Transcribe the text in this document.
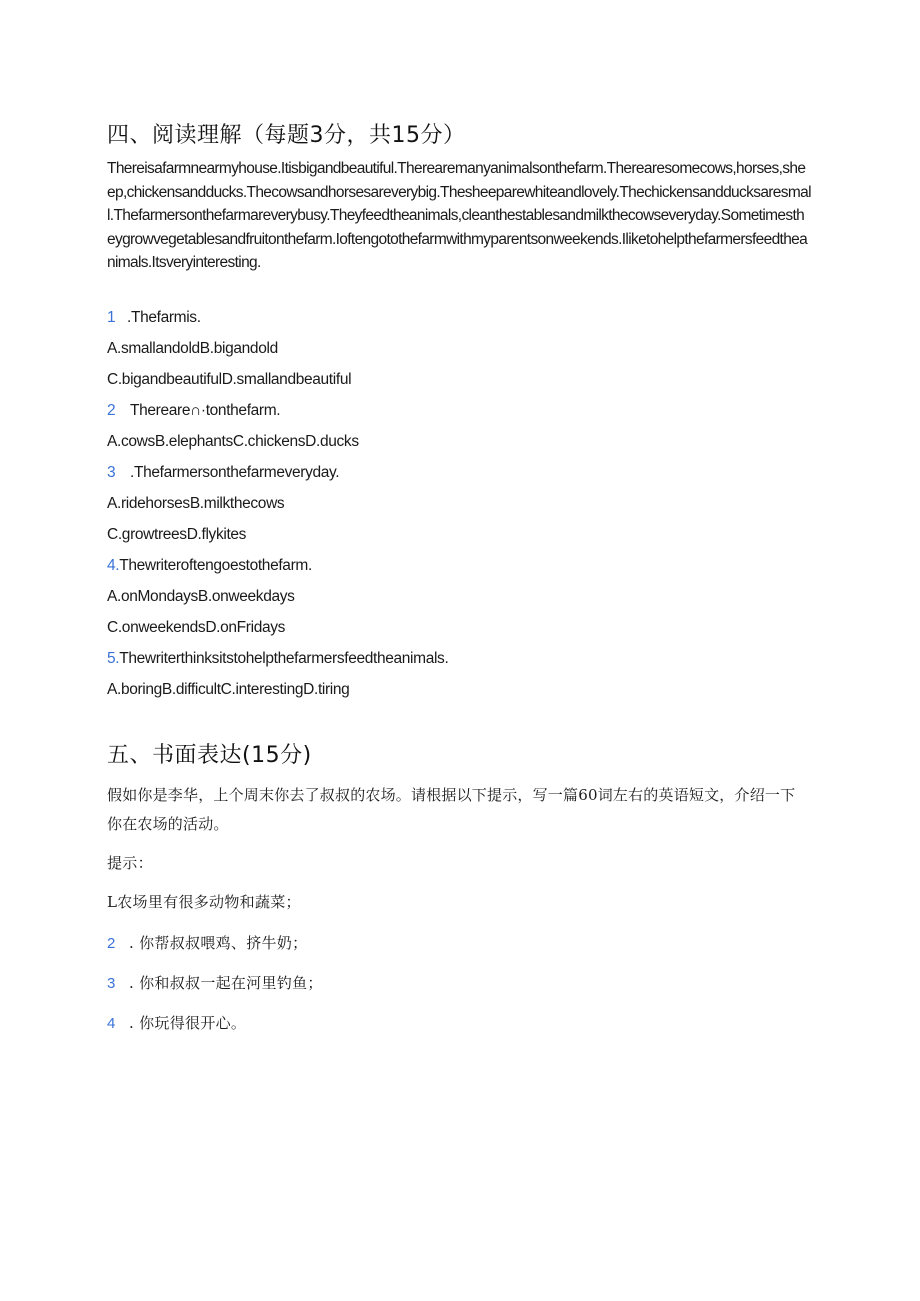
四、阅读理解（每题3分，共15分）
Thereisafarmnearmyhouse.Itisbigandbeautiful.Therearemanyanimalsonthefarm.Therearesomecows,horses,sheep,chickensandducks.Thecowsandhorsesareverybig.Thesheeparewhiteandlovely.Thechickensandducksaresmall.Thefarmersonthefarmareverybusy.Theyfeedtheanimals,cleanthestablesandmilkthecowseveryday.Sometimestheygrowvegetablesandfruitonthefarm.Ioftengotothefarmwithmyparentsonweekends.Iliketohelpthefarmersfeedtheanimals.Itsveryinteresting.
1 .Thefarmis.
A.smallandoldB.bigandold
C.bigandbeautifulD.smallandbeautiful
2 Thereare∩·tonthefarm.
A.cowsB.elephantsC.chickensD.ducks
3 .Thefarmersonthefarmeveryday.
A.ridehorsesB.milkthecows
C.growtreesD.flykites
4.Thewriteroftengoestothefarm.
A.onMondaysB.onweekdays
C.onweekendsD.onFridays
5.Thewriterthinksitstohelpthefarmersfeedtheanimals.
A.boringB.difficultC.interestingD.tiring
五、书面表达(15分)
假如你是李华，上个周末你去了叔叔的农场。请根据以下提示，写一篇60词左右的英语短文，介绍一下你在农场的活动。
提示：
L农场里有很多动物和蔬菜；
2 . 你帮叔叔喂鸡、挤牛奶；
3 . 你和叔叔一起在河里钓鱼；
4 . 你玩得很开心。
